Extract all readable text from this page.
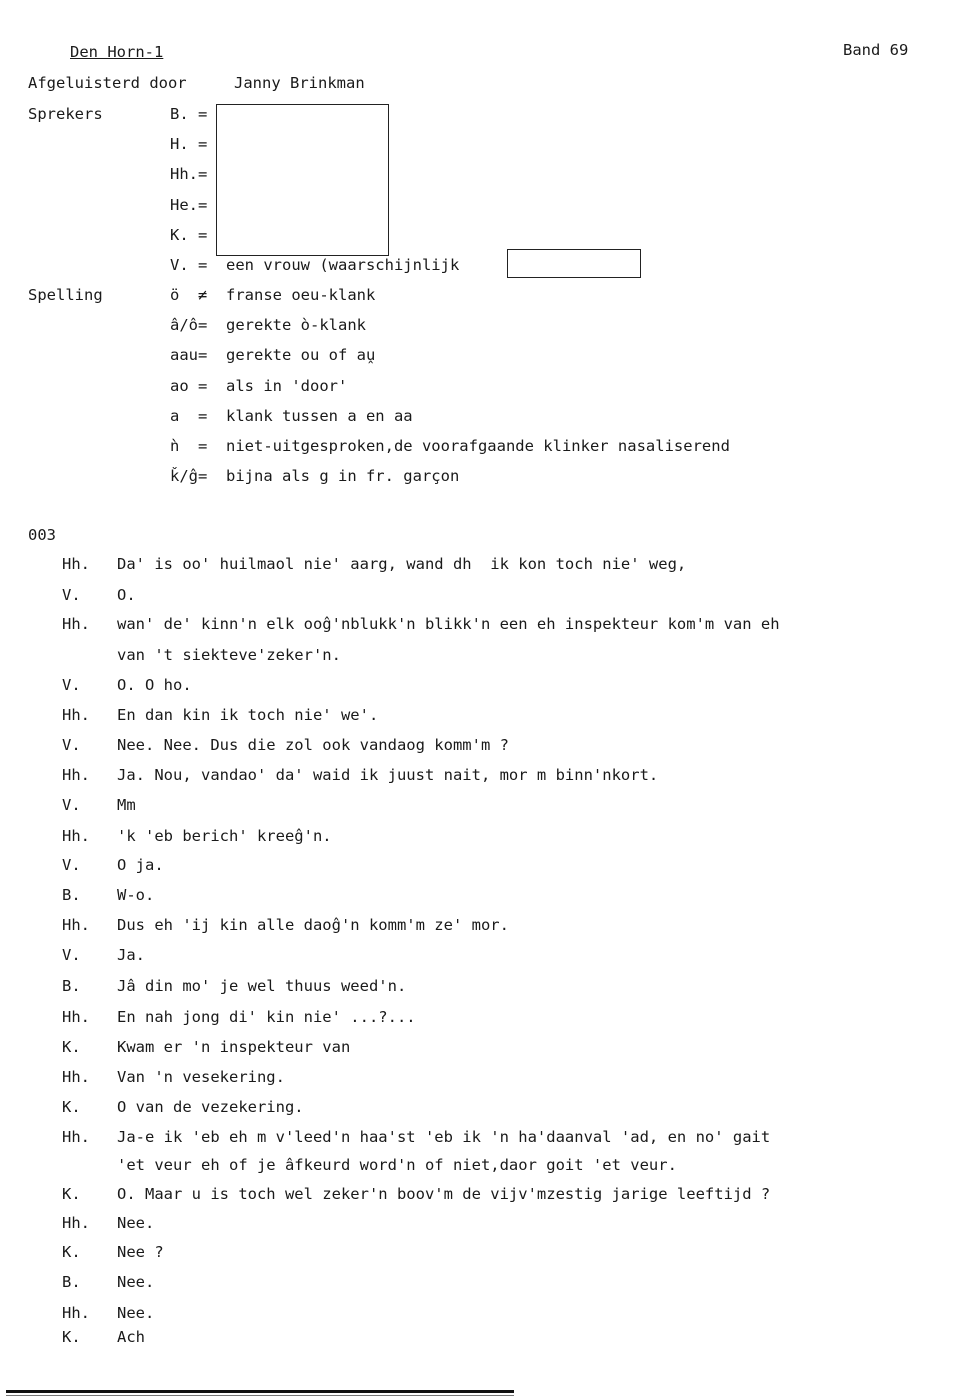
Den Horn-1	Band 69
Afgeluisterd door	Janny Brinkman
Sprekers	B. =
H. =
Hh.=
He.=
K. =
V. = een vrouw (waarschijnlijk
Spelling	ö  ≠ franse oeu-klank
â/ô= gerekte ò-klank
aau= gerekte ou of aṷ
ao = als in 'door'
a  = klank tussen a en aa
ǹ  = niet-uitgesproken,de voorafgaande klinker nasaliserend
ǩ/ĝ= bijna als g in fr. garçon
003
Hh. Da' is oo' huilmaol nie' aarg, wand dh  ik kon toch nie' weg,
V. O.
Hh. wan' de' kinn'n elk ooĝ'nblukk'n blikk'n een eh inspekteur kom'm van eh
van 't siekteve'zeker'n.
V. O. O ho.
Hh. En dan kin ik toch nie' we'.
V. Nee. Nee. Dus die zol ook vandaog komm'm ?
Hh. Ja. Nou, vandao' da' waid ik juust nait, mor m binn'nkort.
V. Mm
Hh. 'k 'eb berich' kreeĝ'n.
V. O ja.
B. W-o.
Hh. Dus eh 'ij kin alle daoĝ'n komm'm ze' mor.
V. Ja.
B. Jâ din mo' je wel thuus weed'n.
Hh. En nah jong di' kin nie' ...?...
K. Kwam er 'n inspekteur van
Hh. Van 'n vesekering.
K. O van de vezekering.
Hh. Ja-e ik 'eb eh m v'leed'n haa'st 'eb ik 'n ha'daanval 'ad, en no' gait
'et veur eh of je âfkeurd word'n of niet,daor goit 'et veur.
K. O. Maar u is toch wel zeker'n boov'm de vijv'mzestig jarige leeftijd ?
Hh. Nee.
K. Nee ?
B. Nee.
Hh. Nee.
K. Ach
